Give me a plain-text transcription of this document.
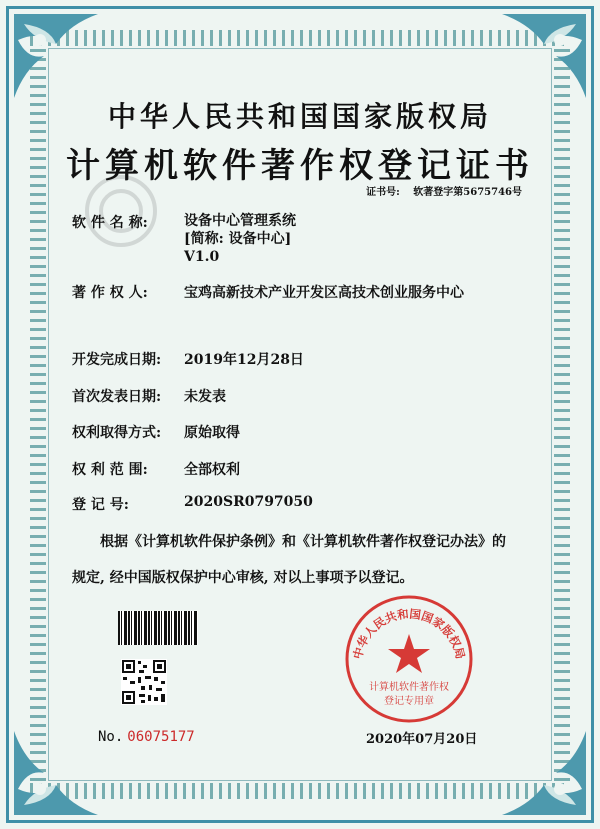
中华人民共和国国家版权局
计算机软件著作权登记证书
证书号: 软著登字第5675746号
软 件 名 称:	设备中心管理系统
[简称: 设备中心]
V1.0
著 作 权 人:	宝鸡高新技术产业开发区高技术创业服务中心
开发完成日期:	2019年12月28日
首次发表日期:	未发表
权利取得方式:	原始取得
权 利 范 围:	全部权利
登 记 号:	2020SR0797050
根据《计算机软件保护条例》和《计算机软件著作权登记办法》的
规定, 经中国版权保护中心审核, 对以上事项予以登记。
No. 06075177
中华人民共和国国家版权局
计算机软件著作权
登记专用章
2020年07月20日
